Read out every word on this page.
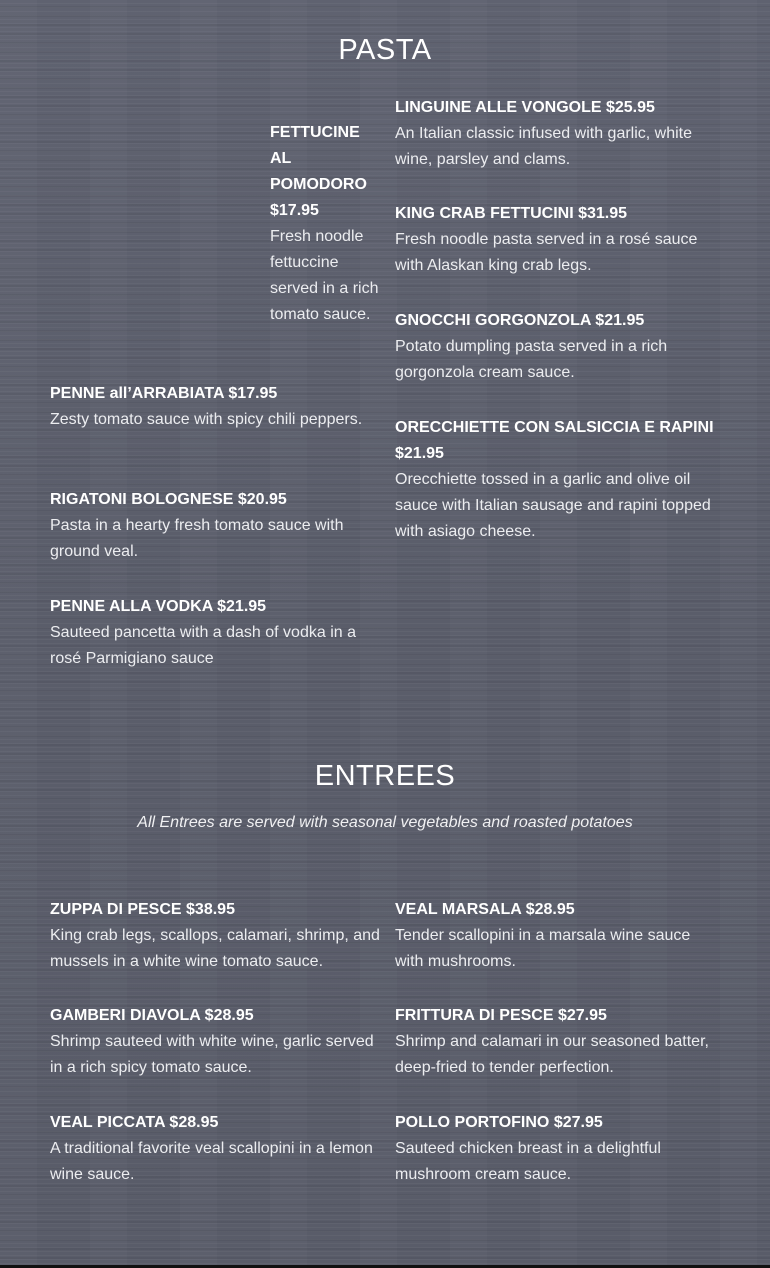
PASTA
FETTUCINE AL POMODORO $17.95
Fresh noodle fettuccine served in a rich tomato sauce.
LINGUINE ALLE VONGOLE $25.95
An Italian classic infused with garlic, white wine, parsley and clams.
KING CRAB FETTUCINI $31.95
Fresh noodle pasta served in a rosé sauce with Alaskan king crab legs.
GNOCCHI GORGONZOLA $21.95
Potato dumpling pasta served in a rich gorgonzola cream sauce.
PENNE all’ARRABIATA $17.95
Zesty tomato sauce with spicy chili peppers.	ORECCHIETTE CON SALSICCIA E RAPINI $21.95
Orecchiette tossed in a garlic and olive oil sauce with Italian sausage and rapini topped with asiago cheese.
RIGATONI BOLOGNESE $20.95
Pasta in a hearty fresh tomato sauce with ground veal.
PENNE ALLA VODKA $21.95
Sauteed pancetta with a dash of vodka in a rosé Parmigiano sauce
ENTREES

All Entrees are served with seasonal vegetables and roasted potatoes

ZUPPA DI PESCE $38.95
King crab legs, scallops, calamari, shrimp, and mussels in a white wine tomato sauce.
VEAL MARSALA $28.95
Tender scallopini in a marsala wine sauce with mushrooms.
GAMBERI DIAVOLA $28.95
Shrimp sauteed with white wine, garlic served in a rich spicy tomato sauce.
FRITTURA DI PESCE $27.95
Shrimp and calamari in our seasoned batter, deep-fried to tender perfection.
VEAL PICCATA $28.95
A traditional favorite veal scallopini in a lemon wine sauce.
POLLO PORTOFINO $27.95
Sauteed chicken breast in a delightful mushroom cream sauce.
